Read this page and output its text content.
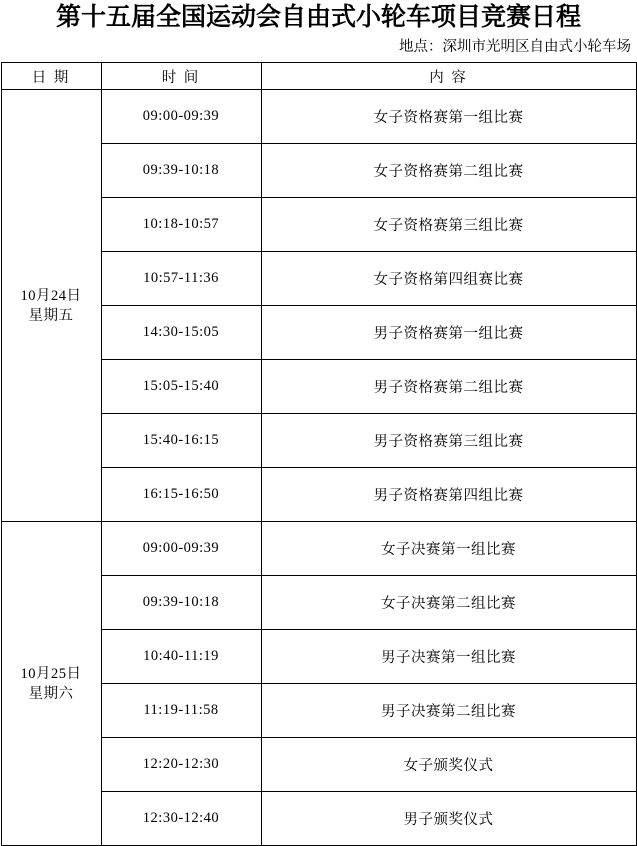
第十五届全国运动会自由式小轮车项目竞赛日程
地点：深圳市光明区自由式小轮车场
日 期	时 间	内 容

10月24日
星期五	09:00-09:39	女子资格赛第一组比赛
	09:39-10:18	女子资格赛第二组比赛
	10:18-10:57	女子资格赛第三组比赛
	10:57-11:36	女子资格第四组赛比赛
	14:30-15:05	男子资格赛第一组比赛
	15:05-15:40	男子资格赛第二组比赛
	15:40-16:15	男子资格赛第三组比赛
	16:15-16:50	男子资格赛第四组比赛

10月25日
星期六	09:00-09:39	女子决赛第一组比赛
	09:39-10:18	女子决赛第二组比赛
	10:40-11:19	男子决赛第一组比赛
	11:19-11:58	男子决赛第二组比赛
	12:20-12:30	女子颁奖仪式
	12:30-12:40	男子颁奖仪式
